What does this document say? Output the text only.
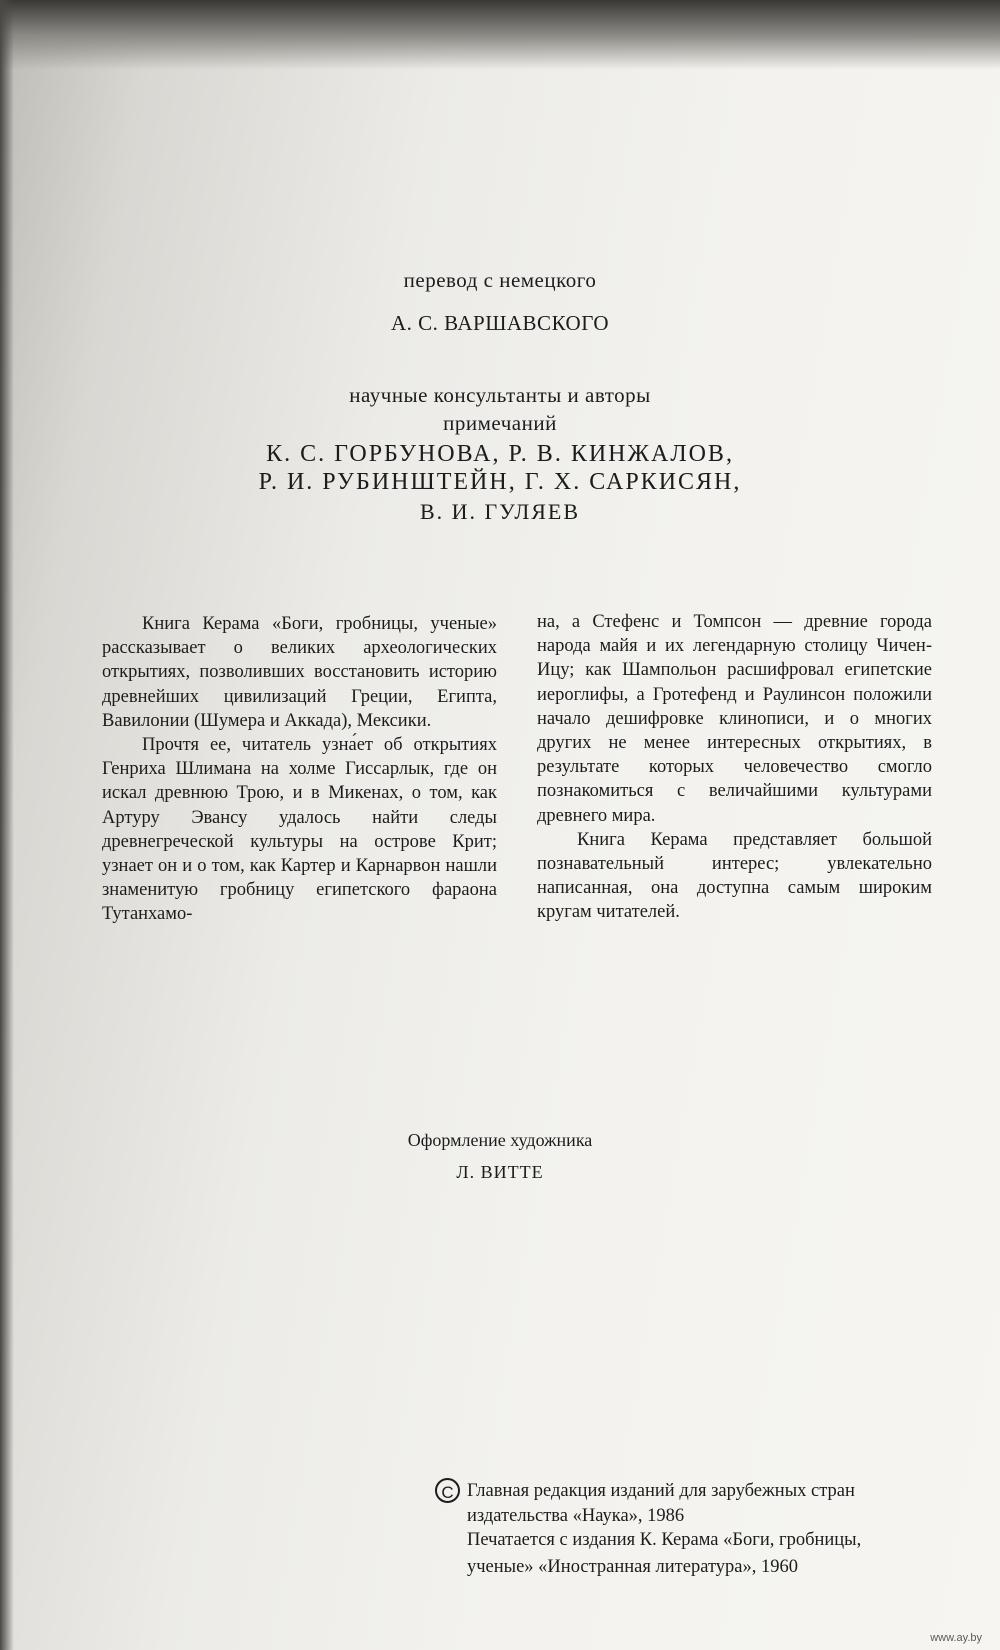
перевод с немецкого
А. С. ВАРШАВСКОГО
научные консультанты и авторы
примечаний
К. С. ГОРБУНОВА, Р. В. КИНЖАЛОВ,
Р. И. РУБИНШТЕЙН, Г. Х. САРКИСЯН,
В. И. ГУЛЯЕВ

Книга Керама «Боги, гробницы, ученые» рассказывает о великих археологических открытиях, позволивших восстановить историю древнейших цивилизаций Греции, Египта, Вавилонии (Шумера и Аккада), Мексики.

Прочтя ее, читатель узна́ет об открытиях Генриха Шлимана на холме Гиссарлык, где он искал древнюю Трою, и в Микенах, о том, как Артуру Эвансу удалось найти следы древнегреческой культуры на острове Крит; узнает он и о том, как Картер и Карнарвон нашли знаменитую гробницу египетского фараона Тутанхамо-

на, а Стефенс и Томпсон — древние города народа майя и их легендарную столицу Чичен-Ицу; как Шампольон расшифровал египетские иероглифы, а Гротефенд и Раулинсон положили начало дешифровке клинописи, и о многих других не менее интересных открытиях, в результате которых человечество смогло познакомиться с величайшими культурами древнего мира.

Книга Керама представляет большой познавательный интерес; увлекательно написанная, она доступна самым широким кругам читателей.

Оформление художника
Л. ВИТТЕ
C Главная редакция изданий для зарубежных стран
издательства «Наука», 1986
Печатается с издания К. Керама «Боги, гробницы,
ученые» «Иностранная литература», 1960
www.ay.by
